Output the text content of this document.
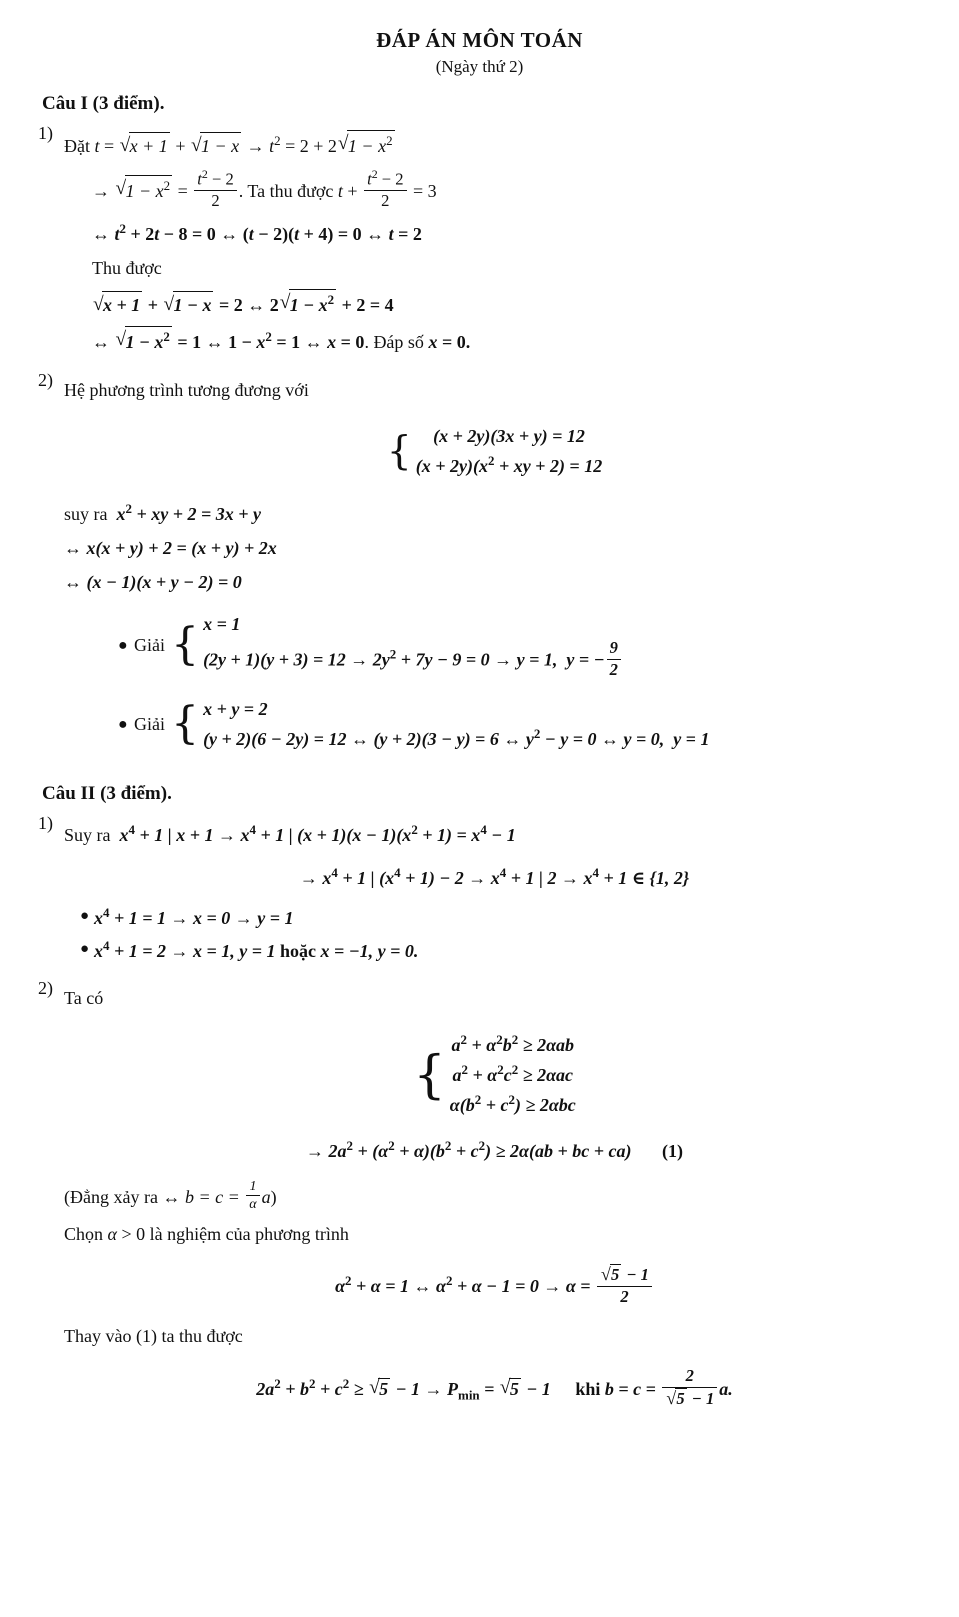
ĐÁP ÁN MÔN TOÁN
(Ngày thứ 2)
Câu I (3 điểm).
1)
Đặt t = √ x + 1 + √ $1 - x \to t^2 = 2 + 2$ √ $1 - x^2$
→ √ $1 - x^2 = \frac{t^2 - 2}{2}$ . Ta thu được $t + \frac{t^2 - 2}{2} = 3$
↔ $t^2 + 2t - 8 = 0$ ↔ (t − 2)(t + 4) = 0 ↔ t = 2
Thu được
√ x + 1 + √ 1 − x = 2 ↔ 2 √ $1 - x^2 + 2 = 4$
↔ √ $1 - x^2 = 1$ ↔ $1 - x^2 = 1$ ↔ x = 0. Đáp số x = 0.
2) Hệ phương trình tương đương với
{	(x + 2y)(3x + y) = 12
$(x + 2y)(x^2$ + xy + 2) = 12
suy ra  $x^2$ + xy + 2 = 3x + y
↔ x(x + y) + 2 = (x + y) + 2x
↔ (x − 1)(x + y − 2) = 0
● Giải { x = 1
$(2y + 1)(y + 3) = 12 \to 2y^2 + 7y - 9 = 0 \to y = 1$,  y = − $\frac{9}{2}$
● Giải { x + y = 2
(y + 2)(6 − 2y) = 12 ↔ (y + 2)(3 − y) = 6 ↔ $y^2 - y = 0$ ↔ y = 0,  y = 1
Câu II (3 điểm).
1)
Suy ra  $x^4 + 1$ | $x + 1 \to x^4 + 1$ | $(x + 1)(x - 1)(x^2 + 1) = x^4 - 1$
→ $x^4 + 1$ | $(x^4 + 1) - 2 \to x^4 + 1$ | $2 \to x^4 + 1$ ∈ {1, 2}
● $x^4 + 1 = 1 \to x = 0 \to y = 1$
● $x^4 + 1 = 2 \to x = 1$, y = 1 hoặc x = −1, y = 0.
2) Ta có
{ $a^2 + \alpha^2b^2 \ge 2\alpha ab$
$a^2 + \alpha^2c^2 \ge 2\alpha ac$
$\alpha(b^2 + c^2) \ge 2\alpha bc$
→ $2a^2 + (\alpha^2 + \alpha)(b^2 + c^2) \ge 2\alpha(ab$ + bc + ca) (1)
(Đẳng xảy ra ↔ $b = c = \frac{1}{\alpha} a$)
Chọn α > 0 là nghiệm của phương trình
$\alpha^2 + \alpha = 1$ ↔ $\alpha^2 + \alpha - 1 = 0 \to \alpha$ = √ $\frac{5 - 1}{2}$
Thay vào (1) ta thu được
$2a^2 + b^2 + c^2$ ≥ √ $5 - 1 \to P_{min}$ = √ 5 − 1 khi b = c = 2
√ 5 − 1 a.
